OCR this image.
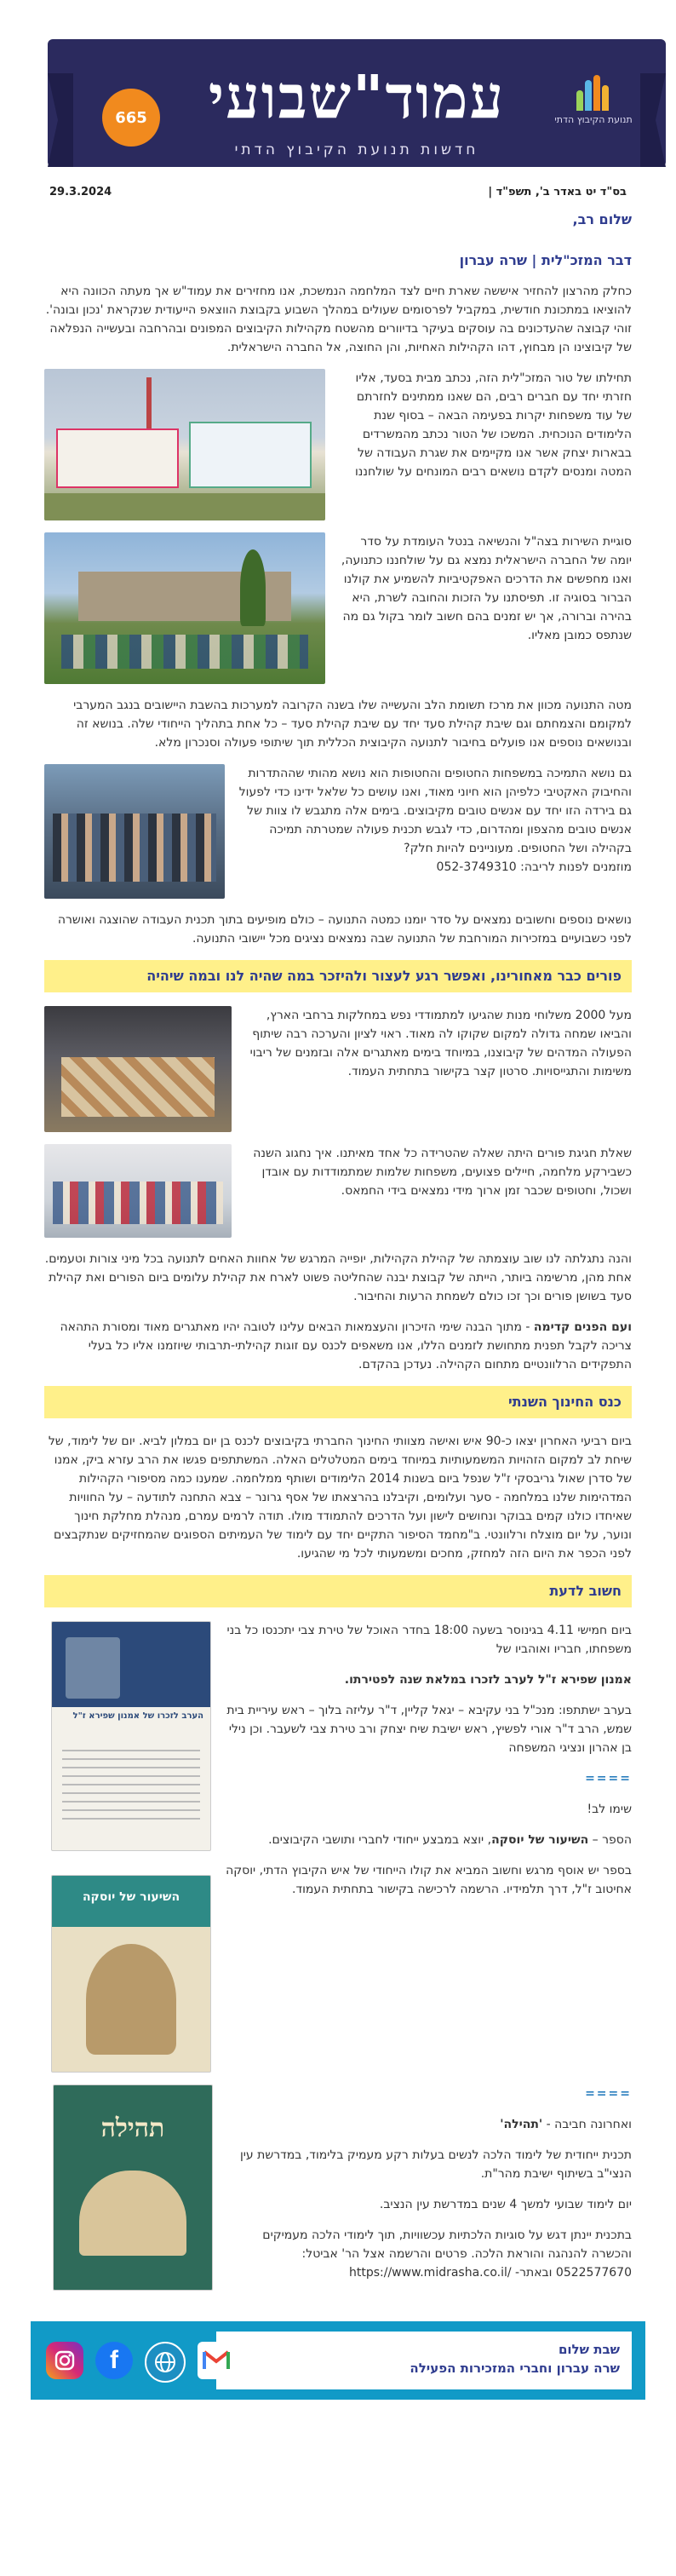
עמוד"שבועי
חדשות תנועת הקיבוץ הדתי
665	תנועת הקיבוץ הדתי
בס"ד יט באדר ב', תשפ"ד |
29.3.2024
שלום רב,
דבר המזכ"לית | שרה עברון

כחלק מהרצון להחזיר איששה שארת חיים לצד המלחמה הנמשכת, אנו מחזירים את עמוד"ש אך מעתה הכוונה היא להוציאו במתכונת חודשית, במקביל לפרסומים שעולים במהלך השבוע בקבוצת הווצאפ הייעודית שנקראת 'נכון ובונה'. זוהי קבוצה שהעדכונים בה עוסקים בעיקר בדיוורים מהשטח מקהילות הקיבוצים המפונים ובהרחבה ובעשייה הנפלאה של קיבוצינו הן מבחוץ, דהו הקהילות האחיות, והן החוצה, אל החברה הישראלית.

תחילתו של טור המזכ"לית הזה, נכתב מבית בסעד, אליו חזרתי יחד עם חברים רבים, הם שאנו ממתינים לחזרתם של עוד משפחות יקרות בפעימה הבאה – בסוף שנת הלימודים הנוכחית. המשכו של הטור נכתב מהמשרדים בבארות יצחק אשר אנו מקיימים את שגרת העבודה של המטה ומנסים לקדם נושאים רבים המונחים על שולחננו
סוגיית השירות בצה"ל והנשיאה בנטל העומדת על סדר יומה של החברה הישראלית נמצא גם על שולחננו כתנועה, ואנו מחפשים את הדרכים האפקטיביות להשמיע את קולנו הברור בסוגיה זו. תפיסתנו על הזכות והחובה לשרת, היא בהירה וברורה, אך יש זמנים בהם חשוב לומר בקול גם מה שנתפס כמובן מאליו.

מטה התנועה מכוון את מרכז תשומת הלב והעשייה שלו בשנה הקרובה למערכות בהשבת היישובים בנגב המערבי למקומם והצמחתם וגם שיבת קהילת סעד יחד עם שיבת קהילת סעד – כל אחת בתהליך הייחודי שלה. בנושא זה ובנושאים נוספים אנו פועלים בחיבור לתנועה הקיבוצית הכללית תוך שיתופי פעולה וסנכרון מלא.

גם נושא התמיכה במשפחות החטופים והחטופות הוא נושא מהותי שההתדרות והחיבוק האקטיבי כלפיהן הוא חיוני מאוד, ואנו עושים כל שלאל ידינו כדי לפעול גם בירדה הזו יחד עם אנשים טובים מקיבוצים. בימים אלה מתגבש לו צוות של אנשים טובים מהצפון ומהדרום, כדי לגבש תכנית פעולה שמטרתה תמיכה בקהילה ושל החטופים. מעוניינים להיות חלק?
מוזמנים לפנות לריבה: 052-3749310

נושאים נוספים וחשובים נמצאים על סדר יומנו כמטה התנועה – כולם מופיעים בתוך תכנית העבודה שהוצגה ואושרה לפני כשבועיים במזכירות המורחבת של התנועה שבה נמצאים נציגים מכל יישובי התנועה.

פורים כבר מאחורינו, ואפשר רגע לעצור ולהיזכר במה שהיה לנו ובמה שיהיה
מעל 2000 משלוחי מנות שהגיעו למתמודדי נפש במחלקות ברחבי הארץ, והביאו שמחה גדולה למקום שקוקו לה מאוד. ראוי לציון והערכה רבה שיתוף הפעולה המדהים של קיבוצנו, במיוחד בימים מאתגרים אלה ובזמנים של ריבוי משימות והתגייסויות. סרטון קצר בקישור בתחתית העמוד.
שאלת חגיגת פורים היתה שאלה שהטרידה כל אחד מאיתנו. איך נחגוג השנה כשבירקע מלחמה, חיילים פצועים, משפחות שלמות שמתמודדות עם אובדן ושכול, וחטופים שכבר זמן ארוך מידי נמצאים בידי החמאס.

והנה נתגלתה לנו שוב עוצמתה של קהילת הקהילות, יופייה המרגש של אחוות האחים לתנועה בכל מיני צורות וטעמים. אחת מהן, מרשימה ביותר, הייתה של קבוצת יבנה שהחליטה פשוט לארח את קהילת עלומים ביום הפורים ואת קהילת סעד בשושן פורים וכך זכו כולם לשמחת הרעות והחיבור.

ועם הפנים קדימה - מתוך הבנה שימי הזיכרון והעצמאות הבאים עלינו לטובה יהיו מאתגרים מאוד ומסורת התהאה צריכה לקבל תפנית מתחושת לזמנים הללו, אנו משאפים לכנס עם זוגות קהילתי-תרבותי שיוזמנו אליו כל בעלי התפקידים הרלוונטיים מתחום הקהילה. נעדכן בהקדם.

כנס החינוך השנתי

ביום רביעי האחרון יצאו כ-90 איש ואישה מצוותי החינוך החברתי בקיבוצים לכנס בן יום במלון לביא. יום של לימוד, של שיחת לב למקום הזהויות המשמעותיות במיוחד בימים המטלטלים האלה. המשתתפים פגשו את הרב עזרא ביק, אמנו של סדרן שאול גריבסקי ז"ל שנפל ביום בשנות 2014 הלימודים ושותף ממלחמה. שמענו כמה מסיפורי הקהילות המדהימות שלנו במלחמה - סער ועלומים, וקיבלנו בהרצאתו של אסף גרונר – צבא התחנה לתודעה – על החוויות שאיחדו כולנו קמים בבוקר ונחושים לישון ועל הדרכים להתמודד מולו. תודה לרמים עמרם, מנהלת מחלקת חינוך ונוער, על יום מוצלח ורלוונטי. ב"מחמד הסיפור התקיים יחד עם לימוד של העמיתים הספוגים שהמחזיקים שנתקבצים לפני הכפר את היום הזה למחזק, מחכים ומשמעותי לכל מי שהגיעו.

חשוב לדעת

ביום חמישי 4.11 בגינוסר בשעה 18:00 בחדר האוכל של טירת צבי יתכנסו כל בני משפחתו, חבריו ואוהביו של

אמנון שפירא ז"ל לערב לזכרו במלאת שנה לפטירתו.

בערב ישתתפו: מנכ"ל בני עקיבא – יגאל קליין, ד"ר עליזה בלוך – ראש עיריית בית שמש, הרב ד"ר אורי לפשיץ, ראש ישיבת שיח יצחק ורב טירת צבי לשעבר. וכן נילי בן אהרון ונציגי המשפחה

====

שימו לב!

הספר – השיעור של יוסקה, יוצא במבצע ייחודי לחברי ותושבי הקיבוצים.

בספר יש אוסף מרגש וחשוב המביא את קולו הייחודי של איש הקיבוץ הדתי, יוסקה אחיטוב ז"ל, דרך תלמידיו. הרשמה לרכישה בקישור בתחתית העמוד.

הערב לזכרו של אמנון שפירא ז"ל
השיעור של יוסקה

====

ואחרונה חביבה - 'תהילה'

תכנית ייחודית של לימוד הלכה לנשים בעלות רקע מעמיק בלימוד, במדרשת עין הנצי"ב בשיתוף ישיבת מהר"ת.

יום לימוד שבועי למשך 4 שנים במדרשת עין הנציב.

בתכנית יינתן דגש על סוגיות הלכתיות עכשוויות, תוך לימודי הלכה מעמיקים והכשרה להנהגה והוראת הלכה. פרטים והרשמה אצל הר' אביטל: 0522577670 ובאתר- https://www.midrasha.co.il/

תהילה
שבת שלום
שרה עברון וחברי המזכירות הפעילה
f
